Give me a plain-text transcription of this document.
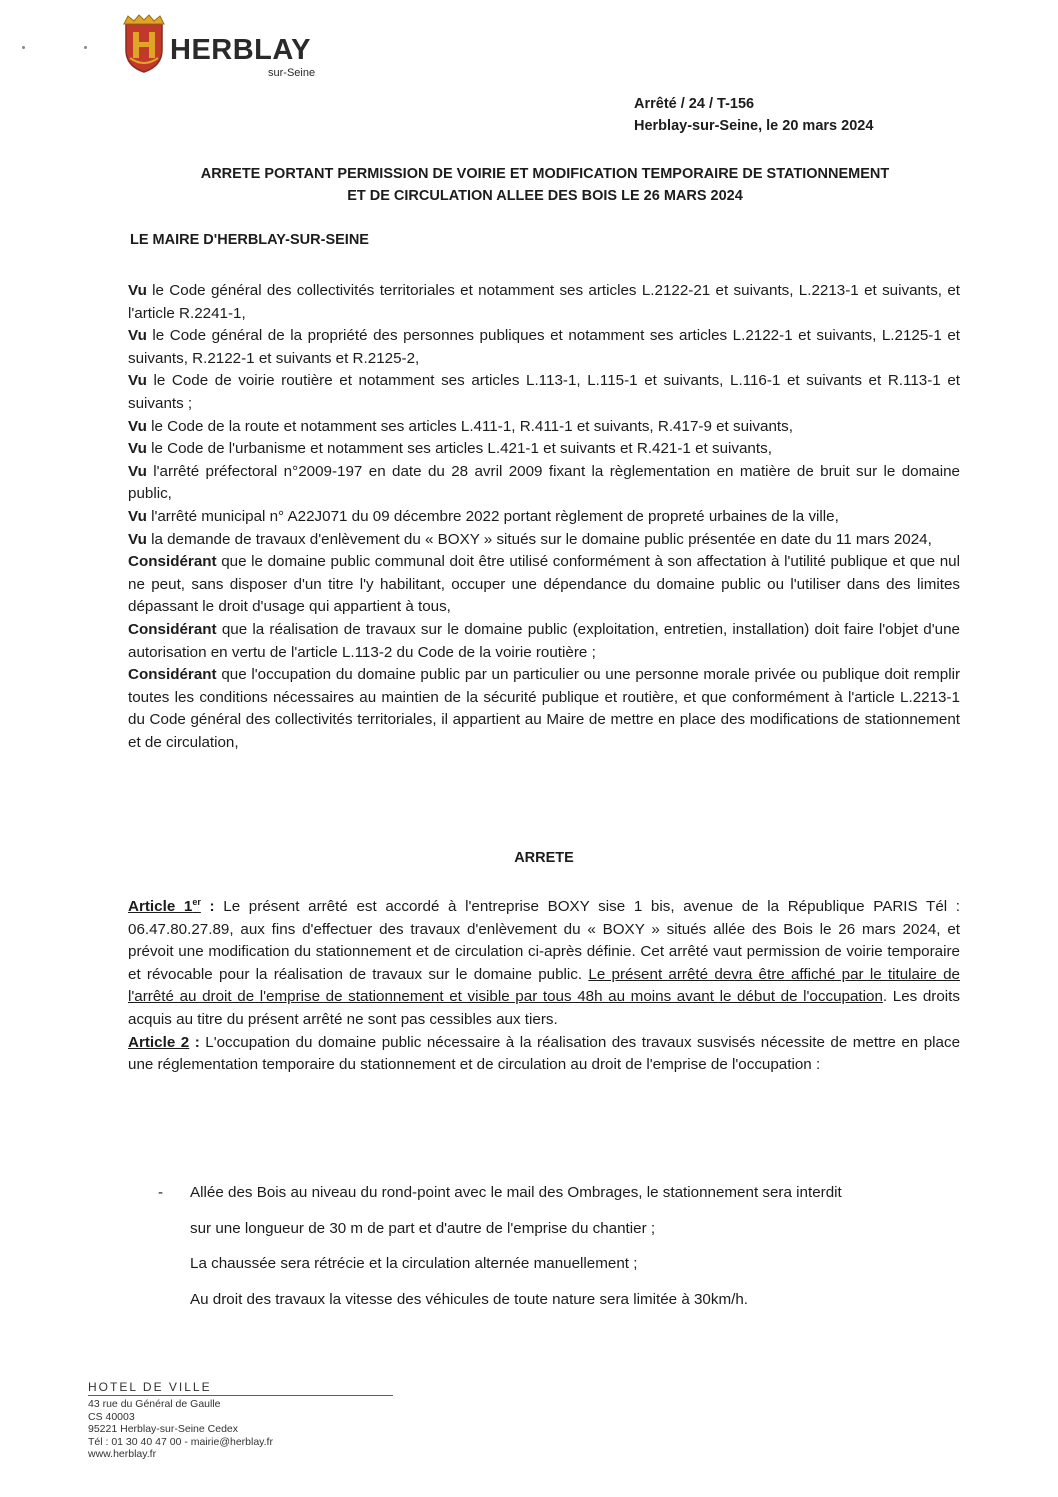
HERBLAY
sur-Seine
Arrêté / 24 / T-156
Herblay-sur-Seine, le 20 mars 2024
ARRETE PORTANT PERMISSION DE VOIRIE ET MODIFICATION TEMPORAIRE DE STATIONNEMENT
ET DE CIRCULATION ALLEE DES BOIS LE 26 MARS 2024
LE MAIRE D'HERBLAY-SUR-SEINE

Vu le Code général des collectivités territoriales et notamment ses articles L.2122-21 et suivants, L.2213-1 et suivants, et l'article R.2241-1,

Vu le Code général de la propriété des personnes publiques et notamment ses articles L.2122-1 et suivants, L.2125-1 et suivants, R.2122-1 et suivants et R.2125-2,

Vu le Code de voirie routière et notamment ses articles L.113-1, L.115-1 et suivants, L.116-1 et suivants et R.113-1 et suivants ;

Vu le Code de la route et notamment ses articles L.411-1, R.411-1 et suivants, R.417-9 et suivants,

Vu le Code de l'urbanisme et notamment ses articles L.421-1 et suivants et R.421-1 et suivants,

Vu l'arrêté préfectoral n°2009-197 en date du 28 avril 2009 fixant la règlementation en matière de bruit sur le domaine public,

Vu l'arrêté municipal n° A22J071 du 09 décembre 2022 portant règlement de propreté urbaines de la ville,

Vu la demande de travaux d'enlèvement du « BOXY » situés sur le domaine public présentée en date du 11 mars 2024,

Considérant que le domaine public communal doit être utilisé conformément à son affectation à l'utilité publique et que nul ne peut, sans disposer d'un titre l'y habilitant, occuper une dépendance du domaine public ou l'utiliser dans des limites dépassant le droit d'usage qui appartient à tous,

Considérant que la réalisation de travaux sur le domaine public (exploitation, entretien, installation) doit faire l'objet d'une autorisation en vertu de l'article L.113-2 du Code de la voirie routière ;

Considérant que l'occupation du domaine public par un particulier ou une personne morale privée ou publique doit remplir toutes les conditions nécessaires au maintien de la sécurité publique et routière, et que conformément à l'article L.2213-1 du Code général des collectivités territoriales, il appartient au Maire de mettre en place des modifications de stationnement et de circulation,

ARRETE

Article 1er : Le présent arrêté est accordé à l'entreprise BOXY sise 1 bis, avenue de la République PARIS Tél : 06.47.80.27.89, aux fins d'effectuer des travaux d'enlèvement du « BOXY » situés allée des Bois le 26 mars 2024, et prévoit une modification du stationnement et de circulation ci-après définie. Cet arrêté vaut permission de voirie temporaire et révocable pour la réalisation de travaux sur le domaine public. Le présent arrêté devra être affiché par le titulaire de l'arrêté au droit de l'emprise de stationnement et visible par tous 48h au moins avant le début de l'occupation. Les droits acquis au titre du présent arrêté ne sont pas cessibles aux tiers.

Article 2 : L'occupation du domaine public nécessaire à la réalisation des travaux susvisés nécessite de mettre en place une réglementation temporaire du stationnement et de circulation au droit de l'emprise de l'occupation :

- Allée des Bois au niveau du rond-point avec le mail des Ombrages, le stationnement sera interdit
sur une longueur de 30 m de part et d'autre de l'emprise du chantier ;
La chaussée sera rétrécie et la circulation alternée manuellement ;
Au droit des travaux la vitesse des véhicules de toute nature sera limitée à 30km/h.
HOTEL DE VILLE
43 rue du Général de Gaulle
CS 40003
95221 Herblay-sur-Seine Cedex
Tél : 01 30 40 47 00 - mairie@herblay.fr
www.herblay.fr
